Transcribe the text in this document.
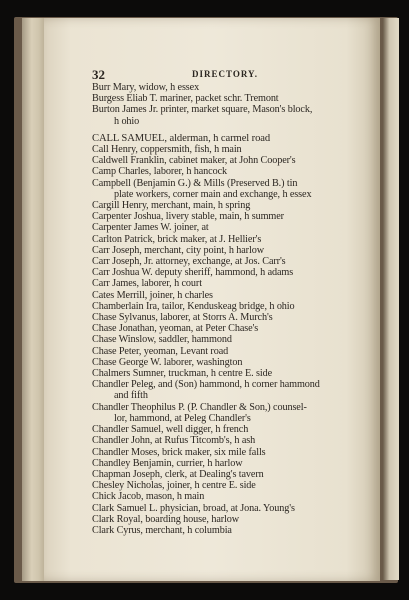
32	DIRECTORY.
Burr Mary, widow, h essex
Burgess Eliab T. mariner, packet schr. Tremont
Burton James Jr. printer, market square, Mason's block,
h ohio
CALL SAMUEL, alderman, h carmel road
Call Henry, coppersmith, fish, h main
Caldwell Franklin, cabinet maker, at John Cooper's
Camp Charles, laborer, h hancock
Campbell (Benjamin G.) & Mills (Preserved B.) tin
plate workers, corner main and exchange, h essex
Cargill Henry, merchant, main, h spring
Carpenter Joshua, livery stable, main, h summer
Carpenter James W. joiner, at
Carlton Patrick, brick maker, at J. Hellier's
Carr Joseph, merchant, city point, h harlow
Carr Joseph, Jr. attorney, exchange, at Jos. Carr's
Carr Joshua W. deputy sheriff, hammond, h adams
Carr James, laborer, h court
Cates Merrill, joiner, h charles
Chamberlain Ira, tailor, Kenduskeag bridge, h ohio
Chase Sylvanus, laborer, at Storrs A. Murch's
Chase Jonathan, yeoman, at Peter Chase's
Chase Winslow, saddler, hammond
Chase Peter, yeoman, Levant road
Chase George W. laborer, washington
Chalmers Sumner, truckman, h centre E. side
Chandler Peleg, and (Son) hammond, h corner hammond
and fifth
Chandler Theophilus P. (P. Chandler & Son,) counsel-
lor, hammond, at Peleg Chandler's
Chandler Samuel, well digger, h french
Chandler John, at Rufus Titcomb's, h ash
Chandler Moses, brick maker, six mile falls
Chandley Benjamin, currier, h harlow
Chapman Joseph, clerk, at Dealing's tavern
Chesley Nicholas, joiner, h centre E. side
Chick Jacob, mason, h main
Clark Samuel L. physician, broad, at Jona. Young's
Clark Royal, boarding house, harlow
Clark Cyrus, merchant, h columbia
